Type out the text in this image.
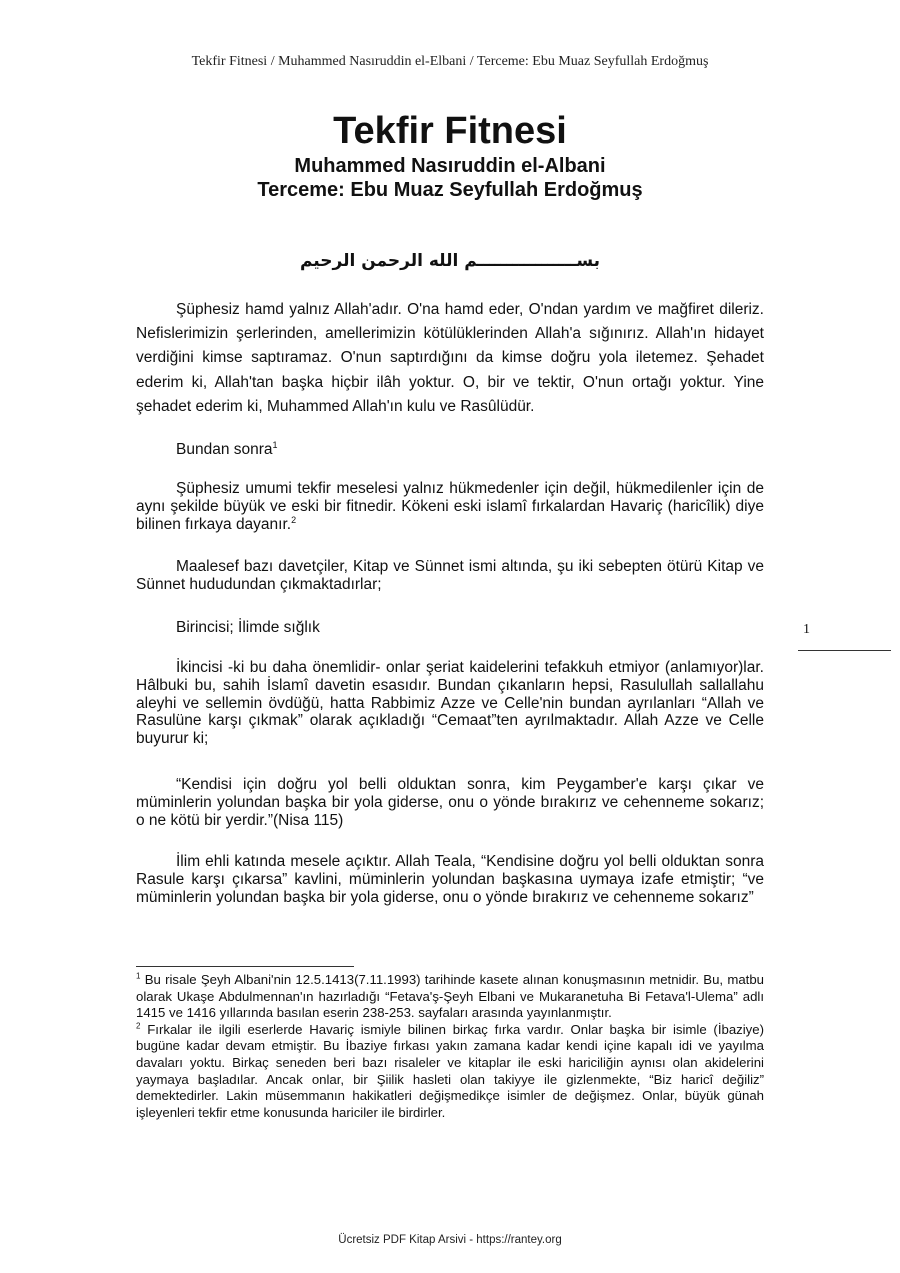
Tekfir Fitnesi / Muhammed Nasıruddin el-Elbani / Terceme: Ebu Muaz Seyfullah Erdoğmuş
Tekfir Fitnesi

Muhammed Nasıruddin el-Albani

Terceme: Ebu Muaz Seyfullah Erdoğmuş

بســـــــــــــــــم الله الرحمن الرحيم

Şüphesiz hamd yalnız Allah'adır. O'na hamd eder, O'ndan yardım ve mağfiret dileriz. Nefislerimizin şerlerinden, amellerimizin kötülüklerinden Allah'a sığınırız. Allah'ın hidayet verdiğini kimse saptıramaz. O'nun saptırdığını da kimse doğru yola iletemez. Şehadet ederim ki, Allah'tan başka hiçbir ilâh yoktur. O, bir ve tektir, O'nun ortağı yoktur. Yine şehadet ederim ki, Muhammed Allah'ın kulu ve Rasûlüdür.

Bundan sonra$^1$

Şüphesiz umumi tekfir meselesi yalnız hükmedenler için değil, hükmedilenler için de aynı şekilde büyük ve eski bir fitnedir. Kökeni eski islamî fırkalardan Havariç (haricîlik) diye bilinen fırkaya dayanır.$^2$

Maalesef bazı davetçiler, Kitap ve Sünnet ismi altında, şu iki sebepten ötürü Kitap ve Sünnet hududundan çıkmaktadırlar;

Birincisi; İlimde sığlık	1

İkincisi -ki bu daha önemlidir- onlar şeriat kaidelerini tefakkuh etmiyor (anlamıyor)lar. Hâlbuki bu, sahih İslamî davetin esasıdır. Bundan çıkanların hepsi, Rasulullah sallallahu aleyhi ve sellemin övdüğü, hatta Rabbimiz Azze ve Celle'nin bundan ayrılanları “Allah ve Rasulüne karşı çıkmak” olarak açıkladığı “Cemaat”ten ayrılmaktadır. Allah Azze ve Celle buyurur ki;

“Kendisi için doğru yol belli olduktan sonra, kim Peygamber'e karşı çıkar ve müminlerin yolundan başka bir yola giderse, onu o yönde bırakırız ve cehenneme sokarız; o ne kötü bir yerdir.”(Nisa 115)

İlim ehli katında mesele açıktır. Allah Teala, “Kendisine doğru yol belli olduktan sonra Rasule karşı çıkarsa” kavlini, müminlerin yolundan başkasına uymaya izafe etmiştir; “ve müminlerin yolundan başka bir yola giderse, onu o yönde bırakırız ve cehenneme sokarız”

$^1$ Bu risale Şeyh Albani'nin 12.5.1413(7.11.1993) tarihinde kasete alınan konuşmasının metnidir. Bu, matbu olarak Ukaşe Abdulmennan'ın hazırladığı “Fetava'ş-Şeyh Elbani ve Mukaranetuha Bi Fetava'l-Ulema” adlı 1415 ve 1416 yıllarında basılan eserin 238-253. sayfaları arasında yayınlanmıştır.

$^2$ Fırkalar ile ilgili eserlerde Havariç ismiyle bilinen birkaç fırka vardır. Onlar başka bir isimle (İbaziye) bugüne kadar devam etmiştir. Bu İbaziye fırkası yakın zamana kadar kendi içine kapalı idi ve yayılma davaları yoktu. Birkaç seneden beri bazı risaleler ve kitaplar ile eski hariciliğin aynısı olan akidelerini yaymaya başladılar. Ancak onlar, bir Şiilik hasleti olan takiyye ile gizlenmekte, “Biz haricî değiliz” demektedirler. Lakin müsemmanın hakikatleri değişmedikçe isimler de değişmez. Onlar, büyük günah işleyenleri tekfir etme konusunda hariciler ile birdirler.

Ücretsiz PDF Kitap Arsivi - https://rantey.org
